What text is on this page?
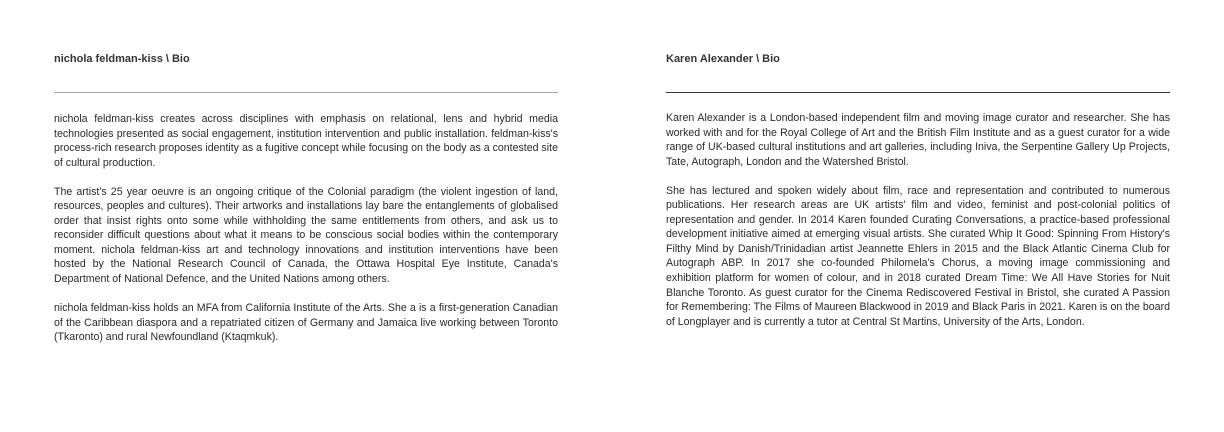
nichola feldman-kiss \ Bio

nichola feldman-kiss creates across disciplines with emphasis on relational, lens and hybrid media technologies presented as social engagement, institution intervention and public installation. feldman-kiss's process-rich research proposes identity as a fugitive concept while focusing on the body as a contested site of cultural production.

The artist's 25 year oeuvre is an ongoing critique of the Colonial paradigm (the violent ingestion of land, resources, peoples and cultures). Their artworks and installations lay bare the entanglements of globalised order that insist rights onto some while withholding the same entitlements from others, and ask us to reconsider difficult questions about what it means to be conscious social bodies within the contemporary moment. nichola feldman-kiss art and technology innovations and institution interventions have been hosted by the National Research Council of Canada, the Ottawa Hospital Eye Institute, Canada's Department of National Defence, and the United Nations among others.

nichola feldman-kiss holds an MFA from California Institute of the Arts. She a is a first-generation Canadian of the Caribbean diaspora and a repatriated citizen of Germany and Jamaica live working between Toronto (Tkaronto) and rural Newfoundland (Ktaqmkuk).

Karen Alexander \ Bio

Karen Alexander is a London-based independent film and moving image curator and researcher. She has worked with and for the Royal College of Art and the British Film Institute and as a guest curator for a wide range of UK-based cultural institutions and art galleries, including Iniva, the Serpentine Gallery Up Projects, Tate, Autograph, London and the Watershed Bristol.

She has lectured and spoken widely about film, race and representation and contributed to numerous publications. Her research areas are UK artists' film and video, feminist and post-colonial politics of representation and gender. In 2014 Karen founded Curating Conversations, a practice-based professional development initiative aimed at emerging visual artists. She curated Whip It Good: Spinning From History's Filthy Mind by Danish/Trinidadian artist Jeannette Ehlers in 2015 and the Black Atlantic Cinema Club for Autograph ABP. In 2017 she co-founded Philomela's Chorus, a moving image commissioning and exhibition platform for women of colour, and in 2018 curated Dream Time: We All Have Stories for Nuit Blanche Toronto. As guest curator for the Cinema Rediscovered Festival in Bristol, she curated A Passion for Remembering: The Films of Maureen Blackwood in 2019 and Black Paris in 2021. Karen is on the board of Longplayer and is currently a tutor at Central St Martins, University of the Arts, London.
